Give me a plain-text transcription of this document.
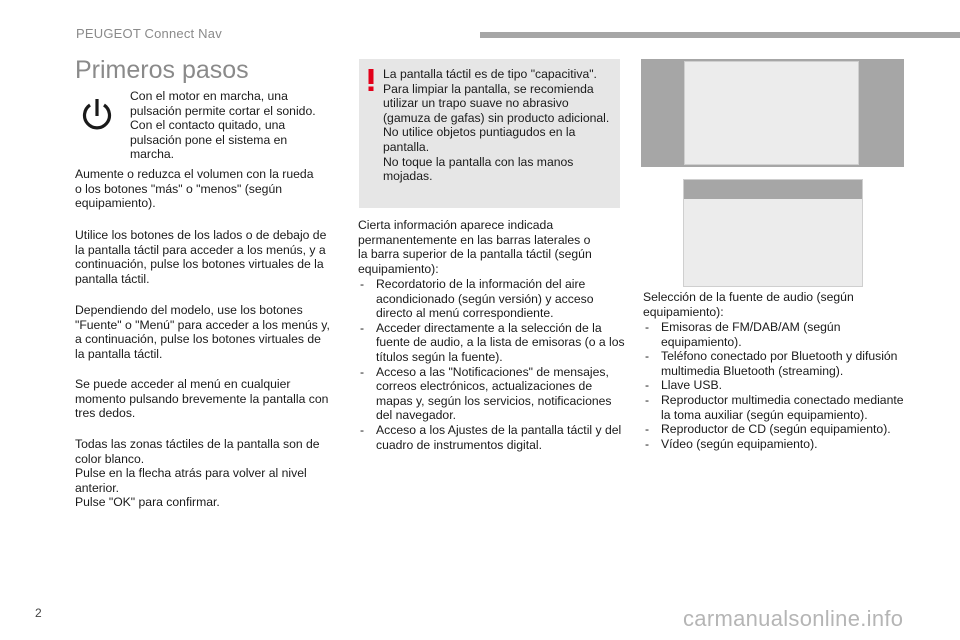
PEUGEOT Connect Nav
Primeros pasos

Con el motor en marcha, una
pulsación permite cortar el sonido.
Con el contacto quitado, una
pulsación pone el sistema en
marcha.

Aumente o reduzca el volumen con la rueda
o los botones "más" o "menos" (según
equipamiento).

Utilice los botones de los lados o de debajo de
la pantalla táctil para acceder a los menús, y a
continuación, pulse los botones virtuales de la
pantalla táctil.

Dependiendo del modelo, use los botones
"Fuente" o "Menú" para acceder a los menús y,
a continuación, pulse los botones virtuales de
la pantalla táctil.

Se puede acceder al menú en cualquier
momento pulsando brevemente la pantalla con
tres dedos.

Todas las zonas táctiles de la pantalla son de
color blanco.
Pulse en la flecha atrás para volver al nivel
anterior.
Pulse "OK" para confirmar.

La pantalla táctil es de tipo "capacitiva".
Para limpiar la pantalla, se recomienda
utilizar un trapo suave no abrasivo
(gamuza de gafas) sin producto adicional.
No utilice objetos puntiagudos en la
pantalla.
No toque la pantalla con las manos
mojadas.

Cierta información aparece indicada
permanentemente en las barras laterales o
la barra superior de la pantalla táctil (según
equipamiento):

- Recordatorio de la información del aire acondicionado (según versión) y acceso directo al menú correspondiente.
- Acceder directamente a la selección de la fuente de audio, a la lista de emisoras (o a los títulos según la fuente).
- Acceso a las "Notificaciones" de mensajes, correos electrónicos, actualizaciones de mapas y, según los servicios, notificaciones del navegador.
- Acceso a los Ajustes de la pantalla táctil y del cuadro de instrumentos digital.

Selección de la fuente de audio (según
equipamiento):

- Emisoras de FM/DAB/AM (según equipamiento).
- Teléfono conectado por Bluetooth y difusión multimedia Bluetooth (streaming).
- Llave USB.
- Reproductor multimedia conectado mediante la toma auxiliar (según equipamiento).
- Reproductor de CD (según equipamiento).
- Vídeo (según equipamiento).
2	carmanualsonline.info
